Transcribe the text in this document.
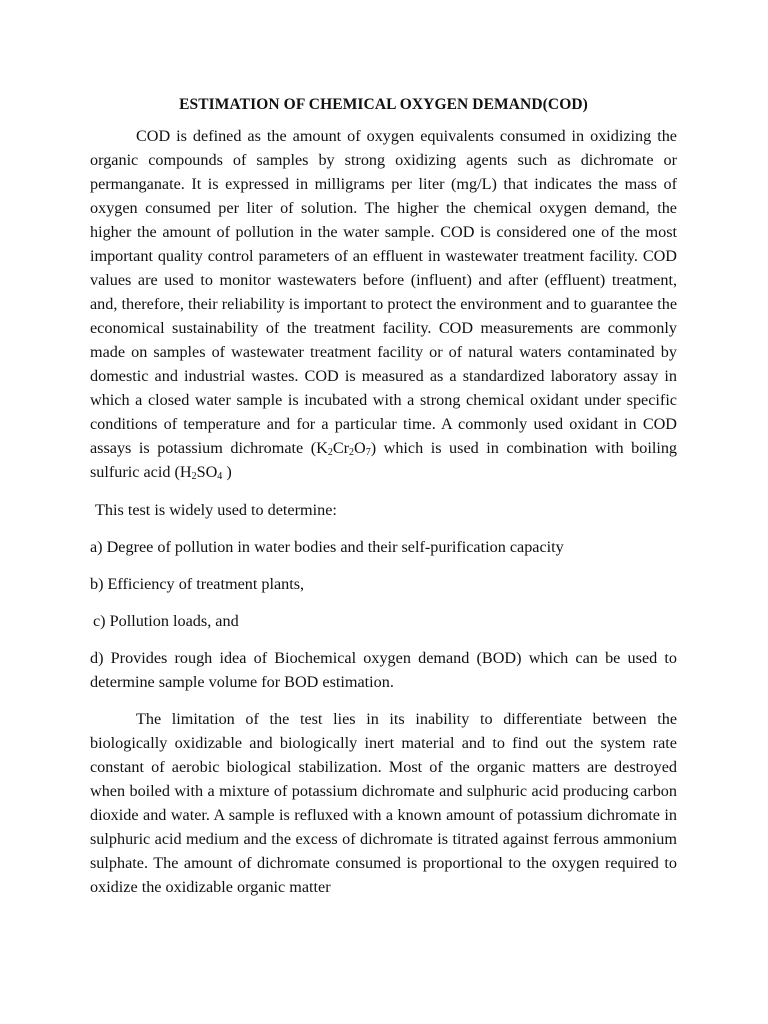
ESTIMATION OF CHEMICAL OXYGEN DEMAND(COD)

COD is defined as the amount of oxygen equivalents consumed in oxidizing the organic compounds of samples by strong oxidizing agents such as dichromate or permanganate. It is expressed in milligrams per liter (mg/L) that indicates the mass of oxygen consumed per liter of solution. The higher the chemical oxygen demand, the higher the amount of pollution in the water sample. COD is considered one of the most important quality control parameters of an effluent in wastewater treatment facility. COD values are used to monitor wastewaters before (influent) and after (effluent) treatment, and, therefore, their reliability is important to protect the environment and to guarantee the economical sustainability of the treatment facility. COD measurements are commonly made on samples of wastewater treatment facility or of natural waters contaminated by domestic and industrial wastes. COD is measured as a standardized laboratory assay in which a closed water sample is incubated with a strong chemical oxidant under specific conditions of temperature and for a particular time. A commonly used oxidant in COD assays is potassium dichromate $(K_2Cr_2O_7)$ which is used in combination with boiling sulfuric acid ($H_2SO_4$ )

This test is widely used to determine:

a) Degree of pollution in water bodies and their self-purification capacity

b) Efficiency of treatment plants,

c) Pollution loads, and

d) Provides rough idea of Biochemical oxygen demand (BOD) which can be used to determine sample volume for BOD estimation.

The limitation of the test lies in its inability to differentiate between the biologically oxidizable and biologically inert material and to find out the system rate constant of aerobic biological stabilization. Most of the organic matters are destroyed when boiled with a mixture of potassium dichromate and sulphuric acid producing carbon dioxide and water. A sample is refluxed with a known amount of potassium dichromate in sulphuric acid medium and the excess of dichromate is titrated against ferrous ammonium sulphate. The amount of dichromate consumed is proportional to the oxygen required to oxidize the oxidizable organic matter
